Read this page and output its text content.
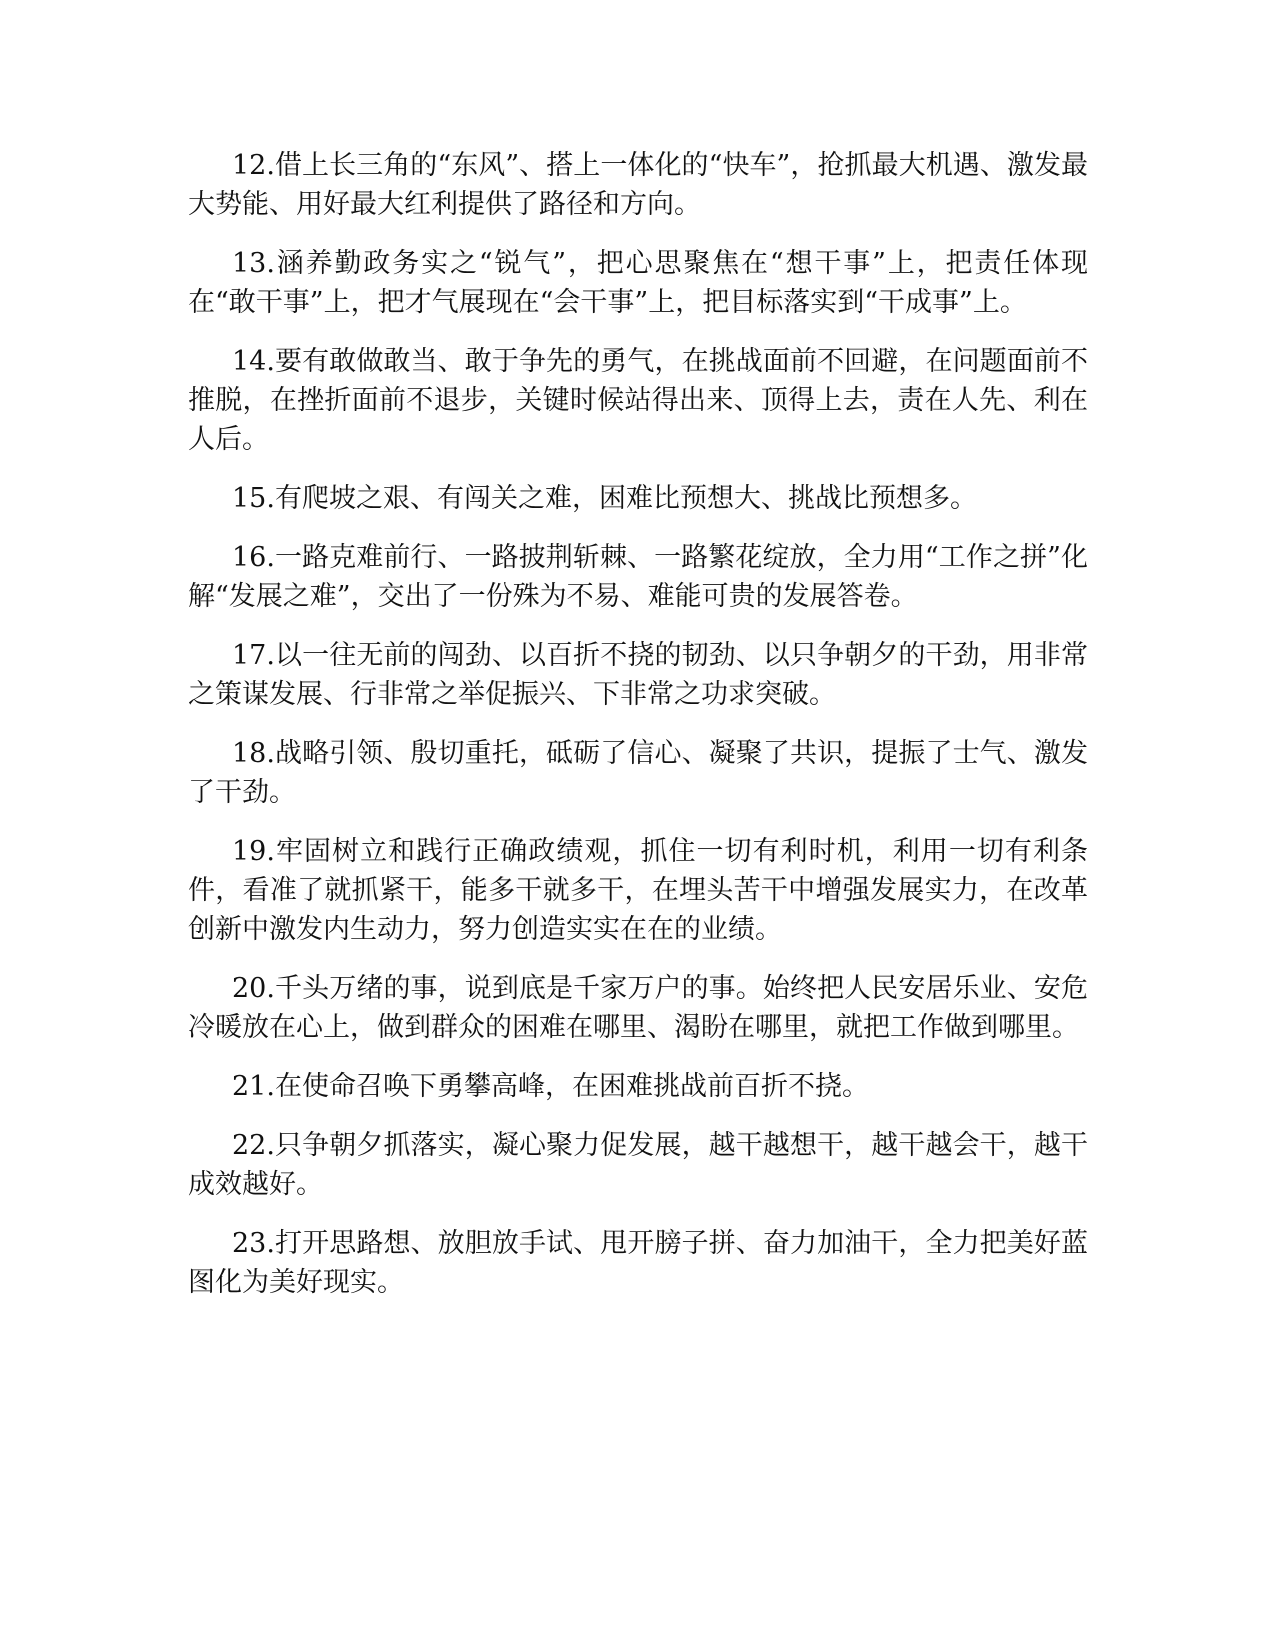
12.借上长三角的“东风”、搭上一体化的“快车”，抢抓最大机遇、激发最大势能、用好最大红利提供了路径和方向。

13.涵养勤政务实之“锐气”，把心思聚焦在“想干事”上，把责任体现在“敢干事”上，把才气展现在“会干事”上，把目标落实到“干成事”上。

14.要有敢做敢当、敢于争先的勇气，在挑战面前不回避，在问题面前不推脱，在挫折面前不退步，关键时候站得出来、顶得上去，责在人先、利在人后。

15.有爬坡之艰、有闯关之难，困难比预想大、挑战比预想多。

16.一路克难前行、一路披荆斩棘、一路繁花绽放，全力用“工作之拼”化解“发展之难”，交出了一份殊为不易、难能可贵的发展答卷。

17.以一往无前的闯劲、以百折不挠的韧劲、以只争朝夕的干劲，用非常之策谋发展、行非常之举促振兴、下非常之功求突破。

18.战略引领、殷切重托，砥砺了信心、凝聚了共识，提振了士气、激发了干劲。

19.牢固树立和践行正确政绩观，抓住一切有利时机，利用一切有利条件，看准了就抓紧干，能多干就多干，在埋头苦干中增强发展实力，在改革创新中激发内生动力，努力创造实实在在的业绩。

20.千头万绪的事，说到底是千家万户的事。始终把人民安居乐业、安危冷暖放在心上，做到群众的困难在哪里、渴盼在哪里，就把工作做到哪里。

21.在使命召唤下勇攀高峰，在困难挑战前百折不挠。

22.只争朝夕抓落实，凝心聚力促发展，越干越想干，越干越会干，越干成效越好。

23.打开思路想、放胆放手试、甩开膀子拼、奋力加油干，全力把美好蓝图化为美好现实。
